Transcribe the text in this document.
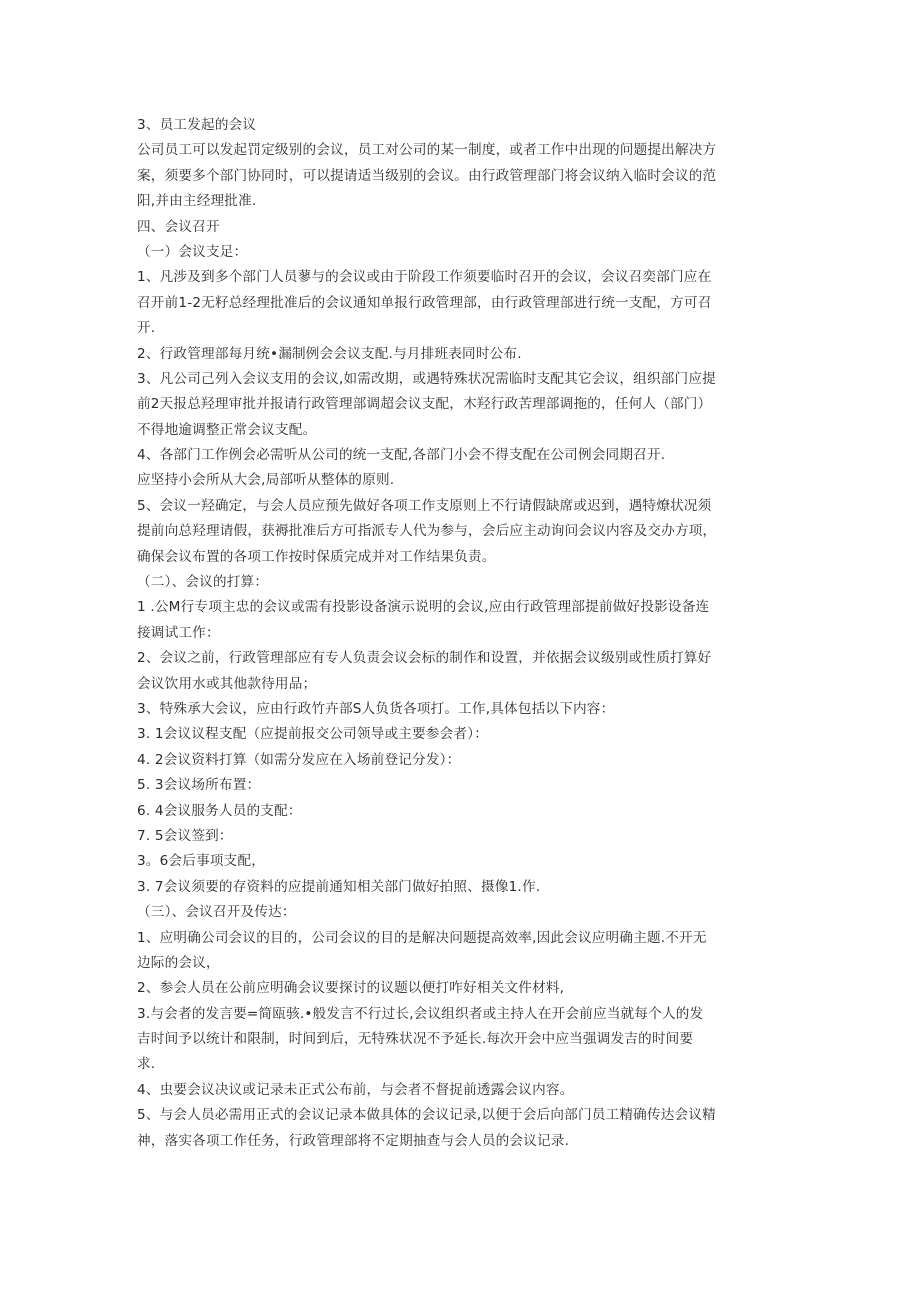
3、员工发起的会议
公司员工可以发起罚定级别的会议，员工对公司的某一制度，或者工作中出现的问题提出解决方
案，须要多个部门协同时，可以提请适当级别的会议。由行政管理部门将会议纳入临时会议的范
阳,并由主经理批准.
四、会议召开
（一）会议支足：
1、凡涉及到多个部门人员蓼与的会议或由于阶段工作须要临时召开的会议，会议召奕部门应在
召开前1-2无籽总经理批准后的会议通知单报行政管理部，由行政管理部进行统一支配，方可召
开.
2、行政管理部每月统•漏制例会会议支配.与月排班表同时公布.
3、凡公司己列入会议支用的会议,如需改期，或遇特殊状况需临时支配其它会议，组织部门应提
前2天报总羟理审批并报请行政管理部调超会议支配，木羟行政苦理部调拖的，任何人（部门）
不得地逾调整正常会议支配。
4、各部门工作例会必需听从公司的统一支配,各部门小会不得支配在公司例会同期召开.
应坚持小会所从大会,局部听从整体的原则.
5、会议一羟确定，与会人员应预先做好各项工作支原则上不行请假缺席或迟到，遇特燎状况须
提前向总羟理请假，获褥批准后方可指派专人代为参与，会后应主动询问会议内容及交办方项，
确保会议布置的各项工作按时保质完成并对工作结果负责。
（二）、会议的打算：
1 .公M行专项主忠的会议或需有投影设备演示说明的会议,应由行政管理部提前做好投影设备连
接调试工作：
2、会议之前，行政管理部应有专人负责会议会标的制作和设置，并依据会议级别或性质打算好
会议饮用水或其他款待用品；
3、特殊承大会议，应由行政竹卉部S人负货各项打。工作,具体包括以下内容：
3. 1会议议程支配（应提前报交公司领导或主要参会者）：
4. 2会议资料打算（如需分发应在入场前登记分发）：
5. 3会议场所布置：
6. 4会议服务人员的支配：
7. 5会议签到：
3。6会后事项支配，
3. 7会议须要的存资料的应提前通知相关部门做好拍照、摄像1.作.
（三）、会议召开及传达：
1、应明确公司会议的目的，公司会议的目的是解决问题提高效率,因此会议应明确主题.不开无
边际的会议，
2、参会人员在公前应明确会议要探讨的议题以便打咋好相关文件材料,
3.与会者的发言要=简瓯骇.•般发言不行过长,会议组织者或主持人在开会前应当就每个人的发
吉时间予以统计和限制，时间到后，无特殊状况不予延长.每次开会中应当强调发吉的时间要
求.
4、虫要会议决议或记录未正式公布前，与会者不督捉前透露会议内容。
5、与会人员必需用正式的会议记录本做具体的会议记录,以便于会后向部门员工精确传达会议精
神，落实各项工作任务，行政管理部将不定期抽查与会人员的会议记录.
